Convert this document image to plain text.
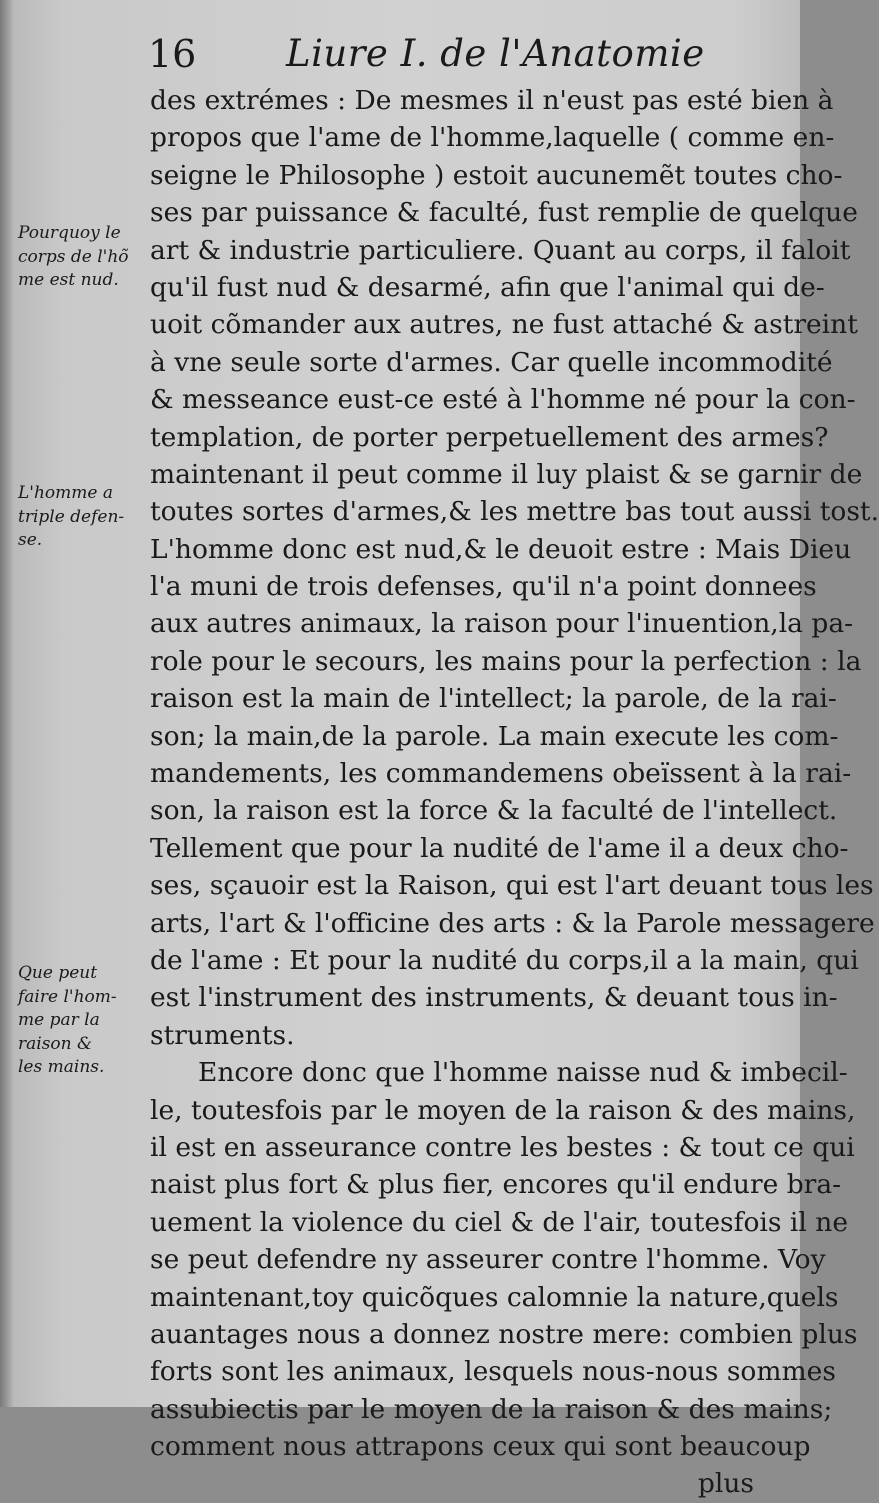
16 Liure I. de l'Anatomie
Pourquoy le
corps de l'hõ
me est nud.
L'homme a
triple defen-
se.
Que peut
faire l'hom-
me par la
raison &
les mains.
des extrémes : De mesmes il n'eust pas esté bien à
propos que l'ame de l'homme,laquelle ( comme en-
seigne le Philosophe ) estoit aucunemẽt toutes cho-
ses par puissance & faculté, fust remplie de quelque
art & industrie particuliere. Quant au corps, il faloit
qu'il fust nud & desarmé, afin que l'animal qui de-
uoit cõmander aux autres, ne fust attaché & astreint
à vne seule sorte d'armes. Car quelle incommodité
& messeance eust-ce esté à l'homme né pour la con-
templation, de porter perpetuellement des armes?
maintenant il peut comme il luy plaist & se garnir de
toutes sortes d'armes,& les mettre bas tout aussi tost.
L'homme donc est nud,& le deuoit estre : Mais Dieu
l'a muni de trois defenses, qu'il n'a point donnees
aux autres animaux, la raison pour l'inuention,la pa-
role pour le secours, les mains pour la perfection : la
raison est la main de l'intellect; la parole, de la rai-
son; la main,de la parole. La main execute les com-
mandements, les commandemens obeïssent à la rai-
son, la raison est la force & la faculté de l'intellect.
Tellement que pour la nudité de l'ame il a deux cho-
ses, sçauoir est la Raison, qui est l'art deuant tous les
arts, l'art & l'officine des arts : & la Parole messagere
de l'ame : Et pour la nudité du corps,il a la main, qui
est l'instrument des instruments, & deuant tous in-
struments.
Encore donc que l'homme naisse nud & imbecil-
le, toutesfois par le moyen de la raison & des mains,
il est en asseurance contre les bestes : & tout ce qui
naist plus fort & plus fier, encores qu'il endure bra-
uement la violence du ciel & de l'air, toutesfois il ne
se peut defendre ny asseurer contre l'homme. Voy
maintenant,toy quicõques calomnie la nature,quels
auantages nous a donnez nostre mere: combien plus
forts sont les animaux, lesquels nous-nous sommes
assubiectis par le moyen de la raison & des mains;
comment nous attrapons ceux qui sont beaucoup
plus
